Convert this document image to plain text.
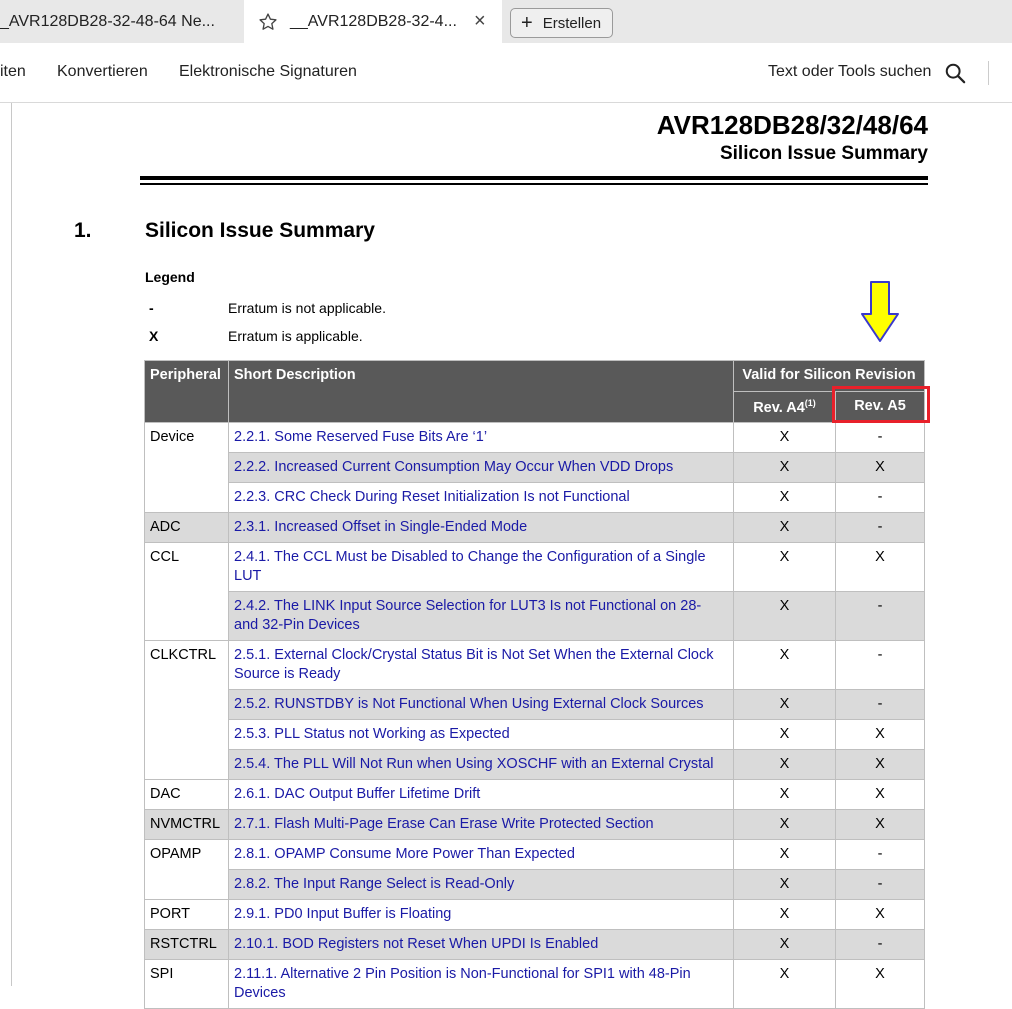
_AVR128DB28-32-48-64 Ne...	__AVR128DB28-32-4... × + Erstellen
iten Konvertieren Elektronische Signaturen	Text oder Tools suchen
AVR128DB28/32/48/64
Silicon Issue Summary
1.	Silicon Issue Summary
Legend
-	Erratum is not applicable.
X	Erratum is applicable.
Peripheral	Short Description	Valid for Silicon Revision	
		Rev. A4$^{(1)}$	Rev. A5
Device	2.2.1. Some Reserved Fuse Bits Are ‘1’	X	-
	2.2.2. Increased Current Consumption May Occur When VDD Drops	X	X
	2.2.3. CRC Check During Reset Initialization Is not Functional	X	-
ADC	2.3.1. Increased Offset in Single-Ended Mode	X	-
CCL	2.4.1. The CCL Must be Disabled to Change the Configuration of a Single LUT	X	X
	2.4.2. The LINK Input Source Selection for LUT3 Is not Functional on 28- and 32-Pin Devices	X	-
CLKCTRL	2.5.1. External Clock/Crystal Status Bit is Not Set When the External Clock Source is Ready	X	-
	2.5.2. RUNSTDBY is Not Functional When Using External Clock Sources	X	-
	2.5.3. PLL Status not Working as Expected	X	X
	2.5.4. The PLL Will Not Run when Using XOSCHF with an External Crystal	X	X
DAC	2.6.1. DAC Output Buffer Lifetime Drift	X	X
NVMCTRL	2.7.1. Flash Multi-Page Erase Can Erase Write Protected Section	X	X
OPAMP	2.8.1. OPAMP Consume More Power Than Expected	X	-
	2.8.2. The Input Range Select is Read-Only	X	-
PORT	2.9.1. PD0 Input Buffer is Floating	X	X
RSTCTRL	2.10.1. BOD Registers not Reset When UPDI Is Enabled	X	-
SPI	2.11.1. Alternative 2 Pin Position is Non-Functional for SPI1 with 48-Pin Devices	X	X
